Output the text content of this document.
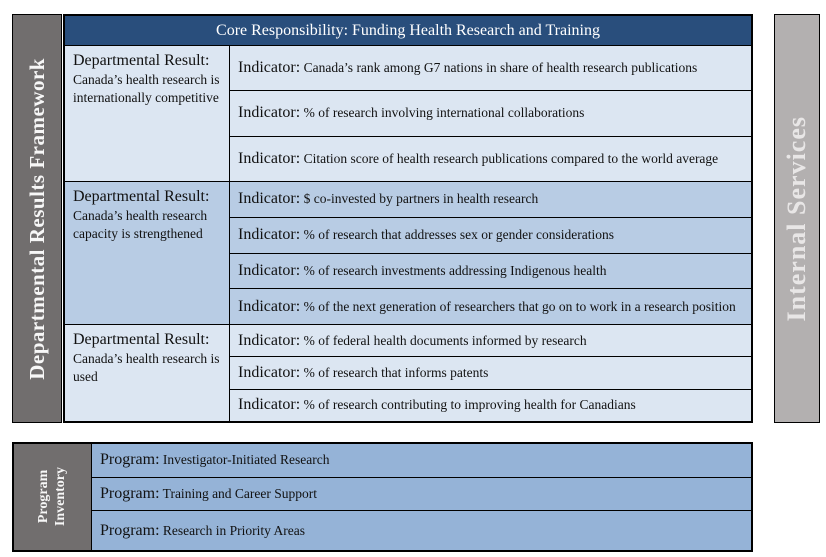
Departmental Results Framework
Core Responsibility: Funding Health Research and Training
Departmental Result: Canada’s health research is internationally competitive
Indicator: Canada’s rank among G7 nations in share of health research publications
Indicator: % of research involving international collaborations
Indicator: Citation score of health research publications compared to the world average
Departmental Result: Canada’s health research capacity is strengthened
Indicator: $ co-invested by partners in health research
Indicator: % of research that addresses sex or gender considerations
Indicator: % of research investments addressing Indigenous health
Indicator: % of the next generation of researchers that go on to work in a research position
Departmental Result: Canada’s health research is used
Indicator: % of federal health documents informed by research
Indicator: % of research that informs patents
Indicator: % of research contributing to improving health for Canadians
Internal Services
Program Inventory
Program: Investigator-Initiated Research
Program: Training and Career Support
Program: Research in Priority Areas
